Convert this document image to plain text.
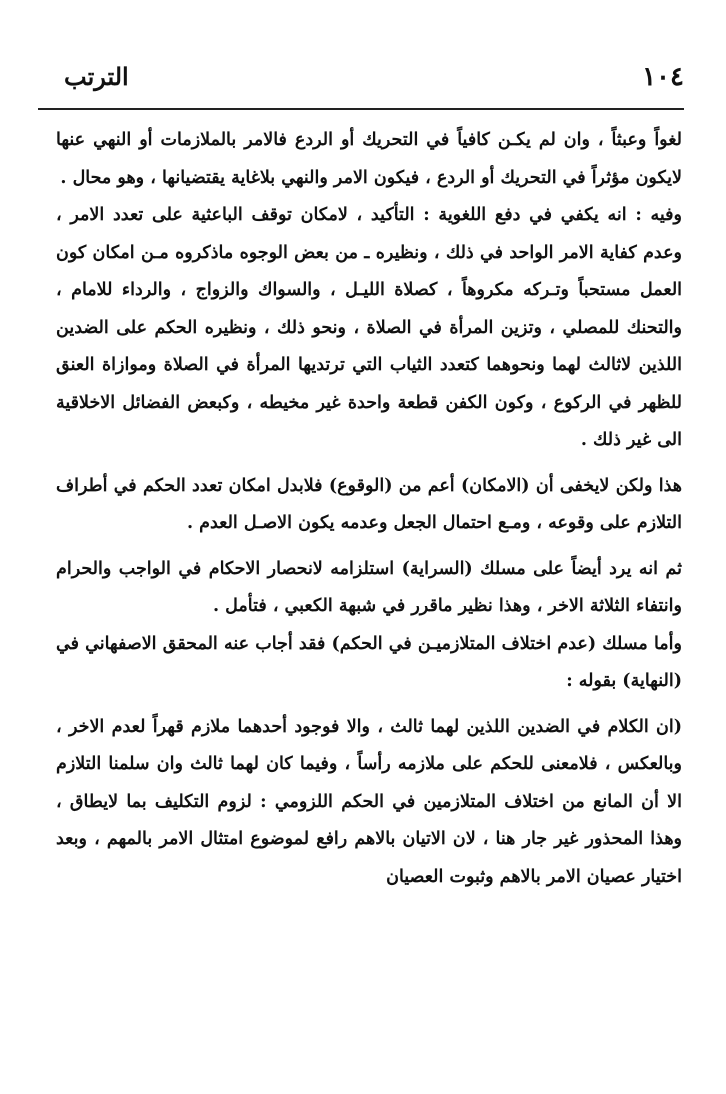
١٠٤
الترتب

لغواً وعبثاً ، وان لم يكـن كافياً في التحريك أو الردع فالامر بالملازمات أو النهي عنها لايكون مؤثراً في التحريك أو الردع ، فيكون الامر والنهي بلاغاية يقتضيانها ، وهو محال .

وفيه : انه يكفي في دفع اللغوية : التأكيد ، لامكان توقف الباعثية على تعدد الامر ، وعدم كفاية الامر الواحد في ذلك ، ونظيره ـ من بعض الوجوه ماذكروه مـن امكان كون العمل مستحباً وتـركه مكروهاً ، كصلاة الليـل ، والسواك والزواج ، والرداء للامام ، والتحنك للمصلي ، وتزين المرأة في الصلاة ، ونحو ذلك ، ونظيره الحكم على الضدين اللذين لاثالث لهما ونحوهما كتعدد الثياب التي ترتديها المرأة في الصلاة وموازاة العنق للظهر في الركوع ، وكون الكفن قطعة واحدة غير مخيطه ، وكبعض الفضائل الاخلاقية الى غير ذلك .

هذا ولكن لايخفى أن (الامكان) أعم من (الوقوع) فلابدل امكان تعدد الحكم في أطراف التلازم على وقوعه ، ومـع احتمال الجعل وعدمه يكون الاصـل العدم .

ثم انه يرد أيضاً على مسلك (السراية) استلزامه لانحصار الاحكام في الواجب والحرام وانتفاء الثلاثة الاخر ، وهذا نظير ماقرر في شبهة الكعبي ، فتأمل .

وأما مسلك (عدم اختلاف المتلازميـن في الحكم) فقد أجاب عنه المحقق الاصفهاني في (النهاية) بقوله :

(ان الكلام في الضدين اللذين لهما ثالث ، والا فوجود أحدهما ملازم قهراً لعدم الاخر ، وبالعكس ، فلامعنى للحكم على ملازمه رأساً ، وفيما كان لهما ثالث وان سلمنا التلازم الا أن المانع من اختلاف المتلازمين في الحكم اللزومي : لزوم التكليف بما لايطاق ، وهذا المحذور غير جار هنا ، لان الاتيان بالاهم رافع لموضوع امتثال الامر بالمهم ، وبعد اختيار عصيان الامر بالاهم وثبوت العصيان
